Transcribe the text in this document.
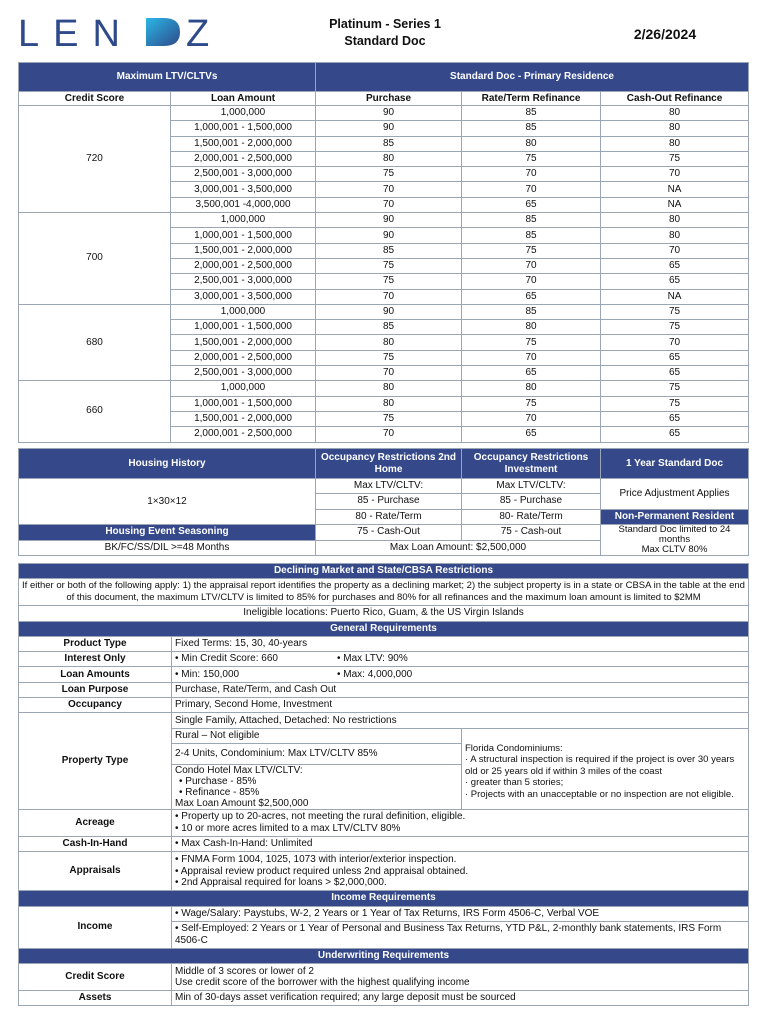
LEN Z	Platinum - Series 1
Standard Doc	2/26/2024
Maximum LTV/CLTVs		Standard Doc - Primary Residence		
Credit Score	Loan Amount	Purchase	Rate/Term Refinance	Cash-Out Refinance
720	1,000,000	90	85	80
	1,000,001 - 1,500,000	90	85	80
	1,500,001 - 2,000,000	85	80	80
	2,000,001 - 2,500,000	80	75	75
	2,500,001 - 3,000,000	75	70	70
	3,000,001 - 3,500,000	70	70	NA
	3,500,001 -4,000,000	70	65	NA
700	1,000,000	90	85	80
	1,000,001 - 1,500,000	90	85	80
	1,500,001 - 2,000,000	85	75	70
	2,000,001 - 2,500,000	75	70	65
	2,500,001 - 3,000,000	75	70	65
	3,000,001 - 3,500,000	70	65	NA
680	1,000,000	90	85	75
	1,000,001 - 1,500,000	85	80	75
	1,500,001 - 2,000,000	80	75	70
	2,000,001 - 2,500,000	75	70	65
	2,500,001 - 3,000,000	70	65	65
660	1,000,000	80	80	75
	1,000,001 - 1,500,000	80	75	75
	1,500,001 - 2,000,000	75	70	65
	2,000,001 - 2,500,000	70	65	65
Housing History	Occupancy Restrictions 2nd Home	Occupancy Restrictions Investment	1 Year Standard Doc
1×30×12	Max LTV/CLTV:	Max LTV/CLTV:	Price Adjustment Applies
	85 - Purchase	85 - Purchase	
	80 - Rate/Term	80- Rate/Term	Non-Permanent Resident
Housing Event Seasoning	75 - Cash-Out	75 - Cash-out	Standard Doc limited to 24 months
Max CLTV 80%

BK/FC/SS/DIL >=48 Months	Max Loan Amount: $2,500,000		
Declining Market and State/CBSA Restrictions		
If either or both of the following apply: 1) the appraisal report identifies the property as a declining market; 2) the subject property is in a state or CBSA in the table at the end of this document, the maximum LTV/CLTV is limited to 85% for purchases and 80% for all refinances and the maximum loan amount is limited to $2MM		
Ineligible locations: Puerto Rico, Guam, & the US Virgin Islands		
General Requirements		
Product Type	Fixed Terms: 15, 30, 40-years	
Interest Only	• Min Credit Score: 660 • Max LTV: 90%	
Loan Amounts	• Min: 150,000 • Max: 4,000,000	
Loan Purpose	Purchase, Rate/Term, and Cash Out	
Occupancy	Primary, Second Home, Investment	
Property Type	Single Family, Attached, Detached: No restrictions	
	Rural – Not eligible	Florida Condominiums:
· A structural inspection is required if the project is over 30 years old or 25 years old if within 3 miles of the coast
· greater than 5 stories;
· Projects with an unacceptable or no inspection are not eligible.

	2-4 Units, Condominium: Max LTV/CLTV 85%	

	Condo Hotel Max LTV/CLTV:
• Purchase - 85%
• Refinance - 85%
Max Loan Amount $2,500,000	

Acreage	• Property up to 20-acres, not meeting the rural definition, eligible.
• 10 or more acres limited to a max LTV/CLTV 80%	

Cash-In-Hand	• Max Cash-In-Hand: Unlimited	
Appraisals	• FNMA Form 1004, 1025, 1073 with interior/exterior inspection.
• Appraisal review product required unless 2nd appraisal obtained.
• 2nd Appraisal required for loans > $2,000,000.	

Income Requirements		
Income	• Wage/Salary: Paystubs, W-2, 2 Years or 1 Year of Tax Returns, IRS Form 4506-C, Verbal VOE	
	• Self-Employed: 2 Years or 1 Year of Personal and Business Tax Returns, YTD P&L, 2-monthly bank statements, IRS Form 4506-C	
Underwriting Requirements		
Credit Score	Middle of 3 scores or lower of 2
Use credit score of the borrower with the highest qualifying income	

Assets	Min of 30-days asset verification required; any large deposit must be sourced	
